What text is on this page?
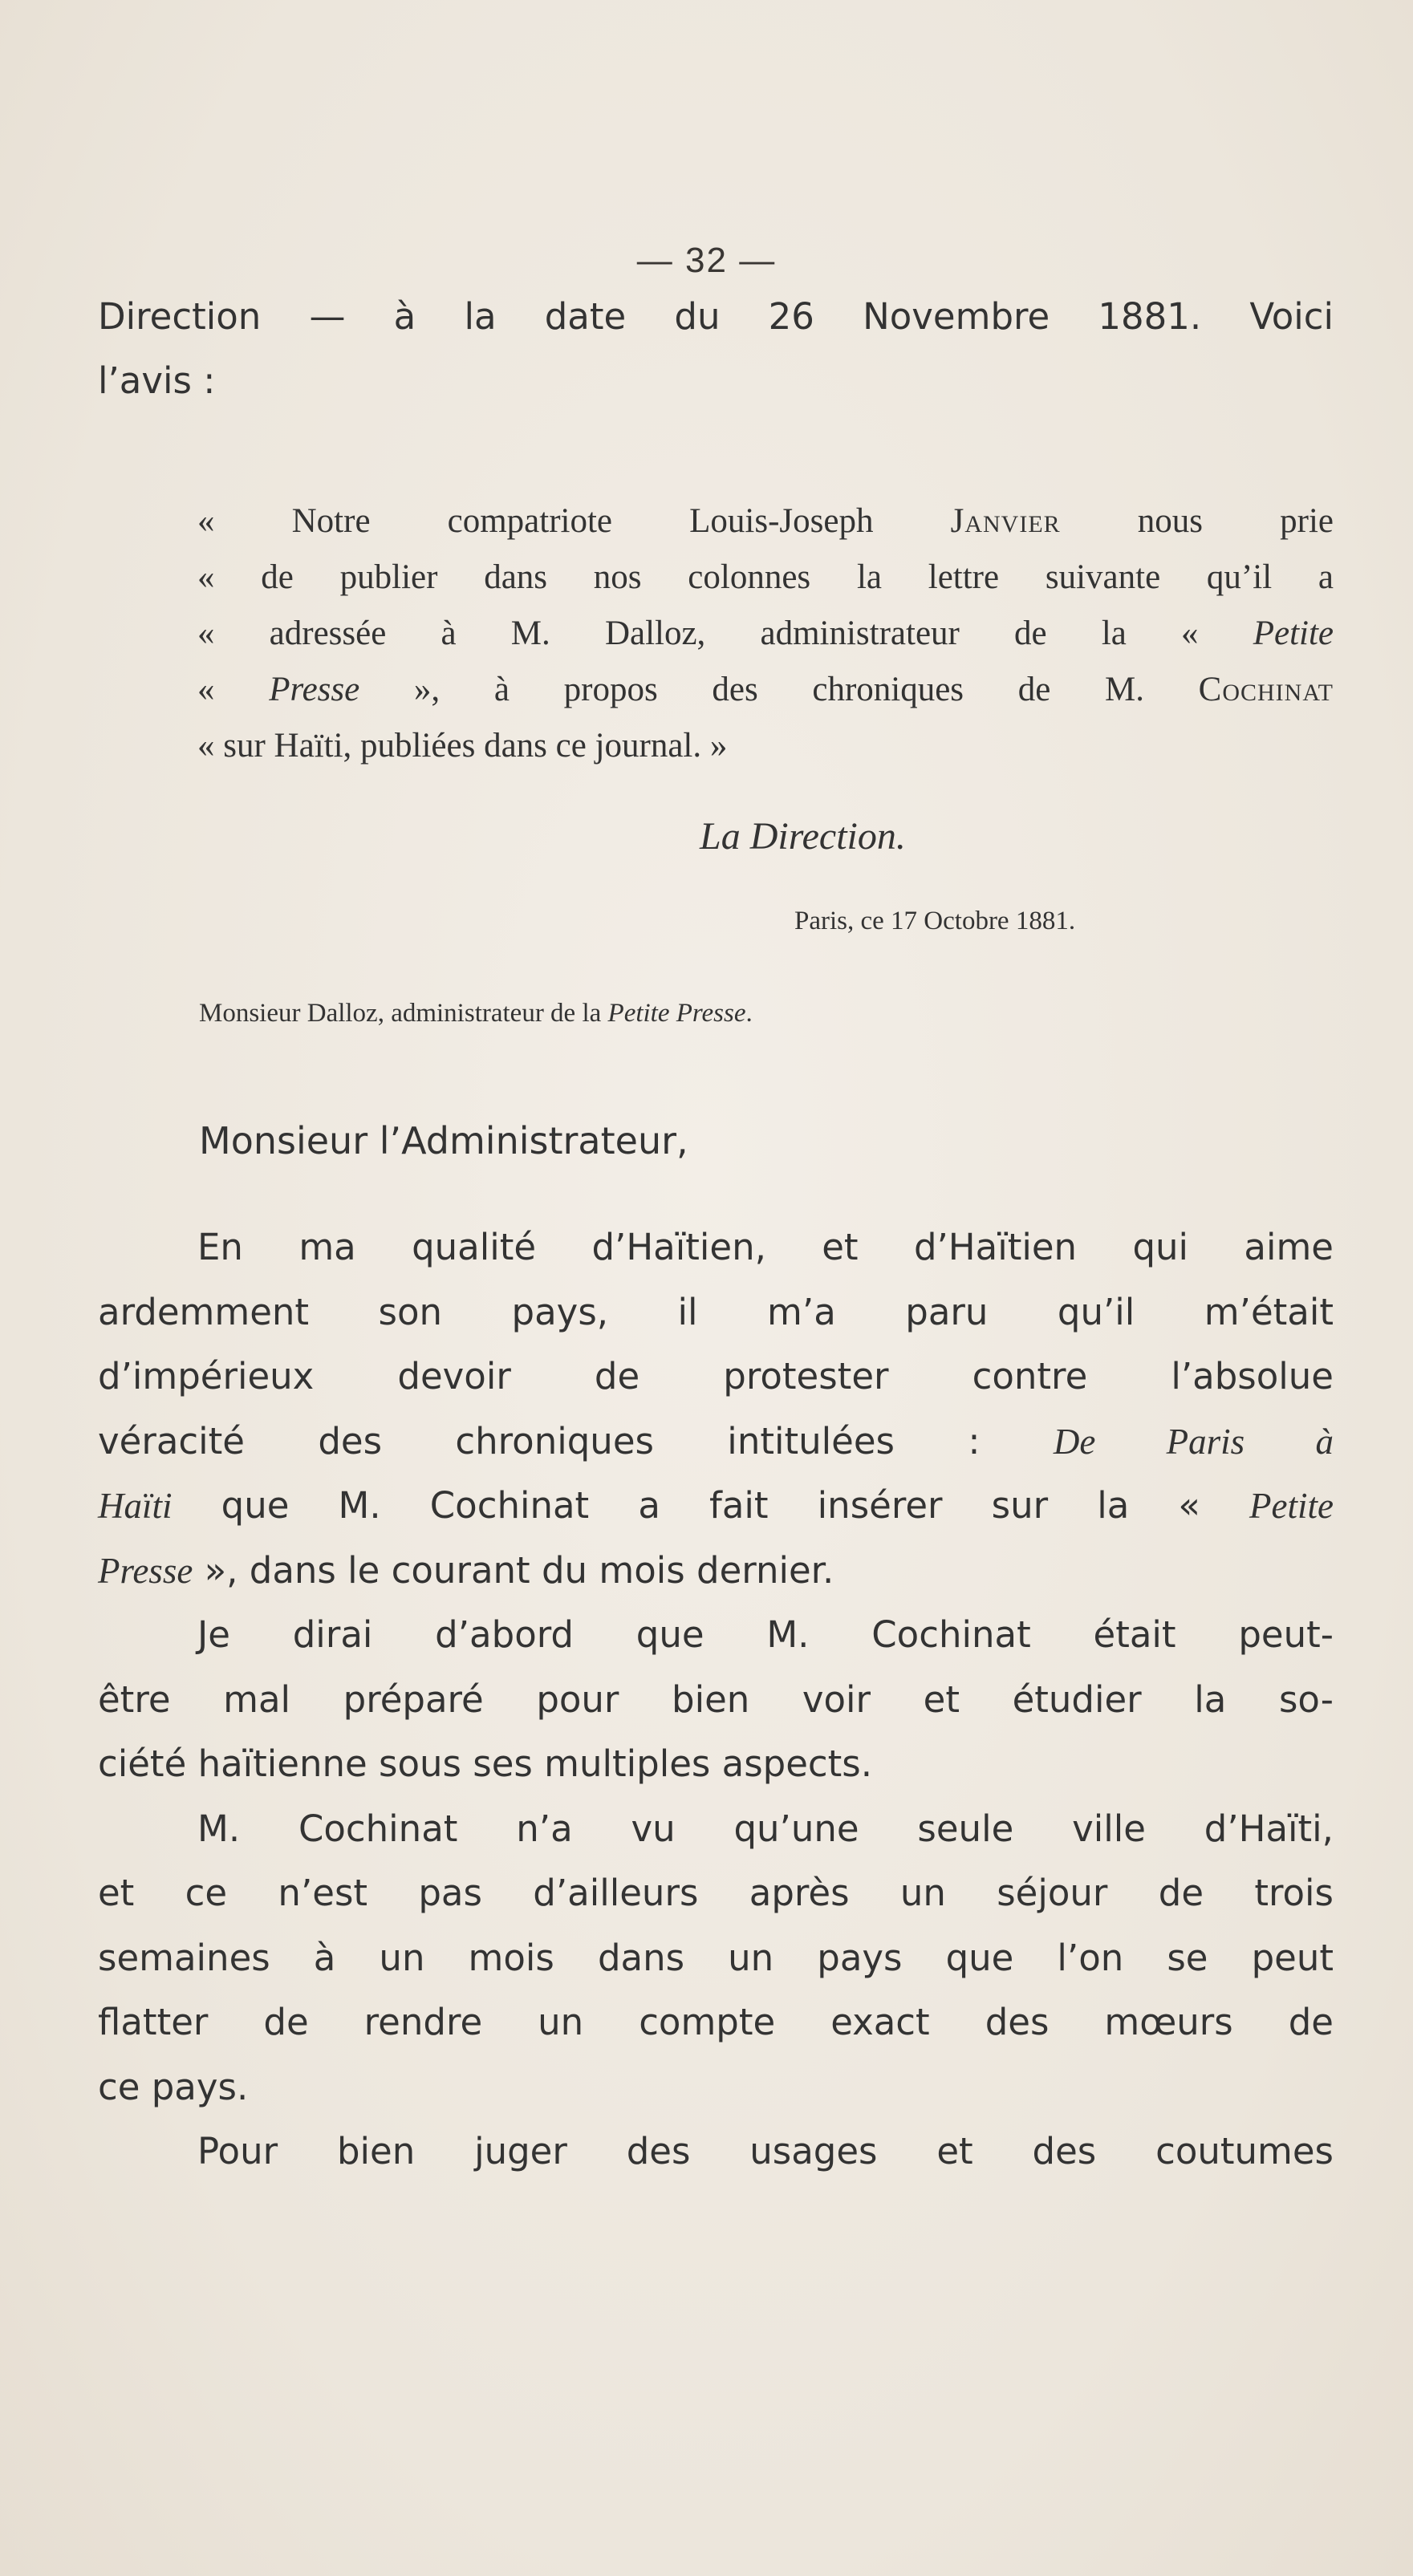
— 32 —

Direction — à la date du 26 Novembre 1881. Voici
l’avis :

« Notre compatriote Louis-Joseph Janvier nous prie
« de publier dans nos colonnes la lettre suivante qu’il a
« adressée à M. Dalloz, administrateur de la « Petite
« Presse », à propos des chroniques de M. Cochinat
« sur Haïti, publiées dans ce journal. »

La Direction.
Paris, ce 17 Octobre 1881.
Monsieur Dalloz, administrateur de la Petite Presse.
Monsieur l’Administrateur,

En ma qualité d’Haïtien, et d’Haïtien qui aime
ardemment son pays, il m’a paru qu’il m’était
d’impérieux devoir de protester contre l’absolue
véracité des chroniques intitulées : De Paris à
Haïti que M. Cochinat a fait insérer sur la « Petite
Presse », dans le courant du mois dernier.
Je dirai d’abord que M. Cochinat était peut-
être mal préparé pour bien voir et étudier la so-
ciété haïtienne sous ses multiples aspects.
M. Cochinat n’a vu qu’une seule ville d’Haïti,
et ce n’est pas d’ailleurs après un séjour de trois
semaines à un mois dans un pays que l’on se peut
flatter de rendre un compte exact des mœurs de
ce pays.
Pour bien juger des usages et des coutumes
